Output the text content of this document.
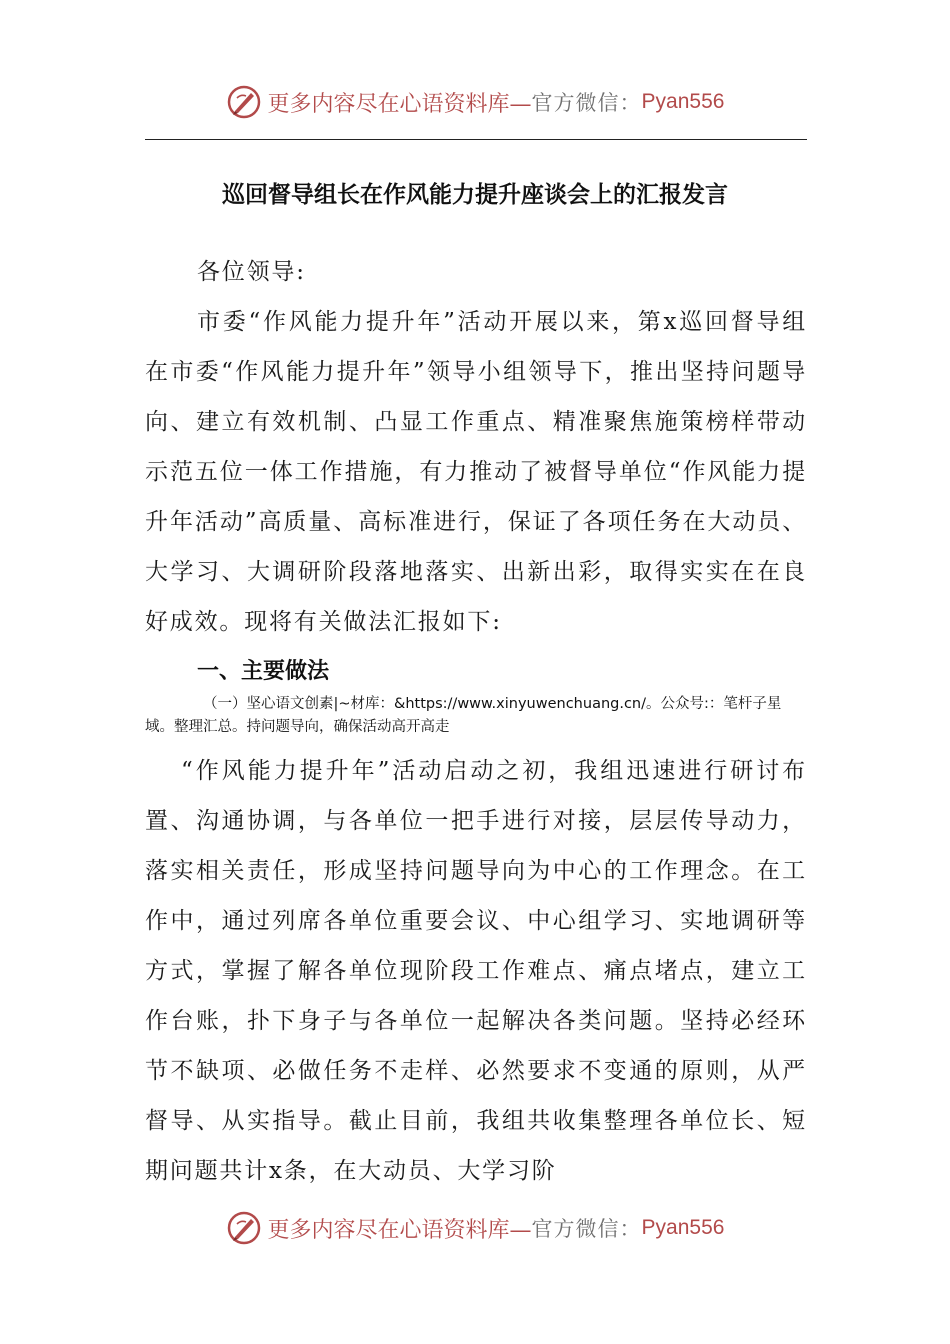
更多内容尽在心语资料库— 官方微信： Pyan556
巡回督导组长在作风能力提升座谈会上的汇报发言
各位领导:
市委“作风能力提升年”活动开展以来，第x巡回督导组在市委“作风能力提升年”领导小组领导下，推出坚持问题导向、建立有效机制、凸显工作重点、精准聚焦施策榜样带动示范五位一体工作措施，有力推动了被督导单位“作风能力提升年活动”高质量、高标准进行，保证了各项任务在大动员、大学习、大调研阶段落地落实、出新出彩，取得实实在在良好成效。现将有关做法汇报如下:
一、主要做法
（一）坚心语文创素|~材库：&https://www.xinyuwenchuang.cn/。公众号:：笔杆子星域。整理汇总。持问题导向，确保活动高开高走
“作风能力提升年”活动启动之初，我组迅速进行研讨布置、沟通协调，与各单位一把手进行对接，层层传导动力，落实相关责任，形成坚持问题导向为中心的工作理念。在工作中，通过列席各单位重要会议、中心组学习、实地调研等方式，掌握了解各单位现阶段工作难点、痛点堵点，建立工作台账，扑下身子与各单位一起解决各类问题。坚持必经环节不缺项、必做任务不走样、必然要求不变通的原则，从严督导、从实指导。截止目前，我组共收集整理各单位长、短期问题共计x条，在大动员、大学习阶
更多内容尽在心语资料库— 官方微信： Pyan556
